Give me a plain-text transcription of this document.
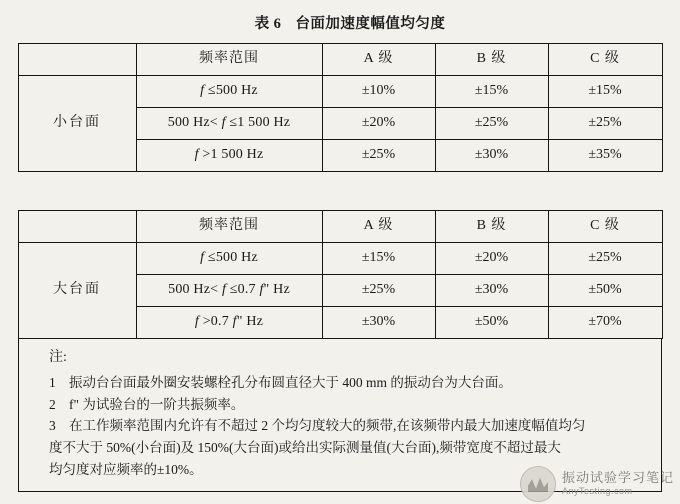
表 6 台面加速度幅值均匀度
	频率范围	A 级	B 级	C 级
小台面	f ≤500 Hz	±10%	±15%	±15%
	500 Hz< f ≤1 500 Hz	±20%	±25%	±25%
	f >1 500 Hz	±25%	±30%	±35%
	频率范围	A 级	B 级	C 级
大台面	f ≤500 Hz	±15%	±20%	±25%
	500 Hz< f ≤0.7 f" Hz	±25%	±30%	±50%
	f >0.7 f" Hz	±30%	±50%	±70%
注:
1 振动台台面最外圈安装螺栓孔分布圆直径大于 400 mm 的振动台为大台面。
2 f" 为试验台的一阶共振频率。
3 在工作频率范围内允许有不超过 2 个均匀度较大的频带,在该频带内最大加速度幅值均匀
度不大于 50%(小台面)及 150%(大台面)或给出实际测量值(大台面),频带宽度不超过最大
均匀度对应频率的±10%。
振动试验学习笔记
AnyTesting.com
